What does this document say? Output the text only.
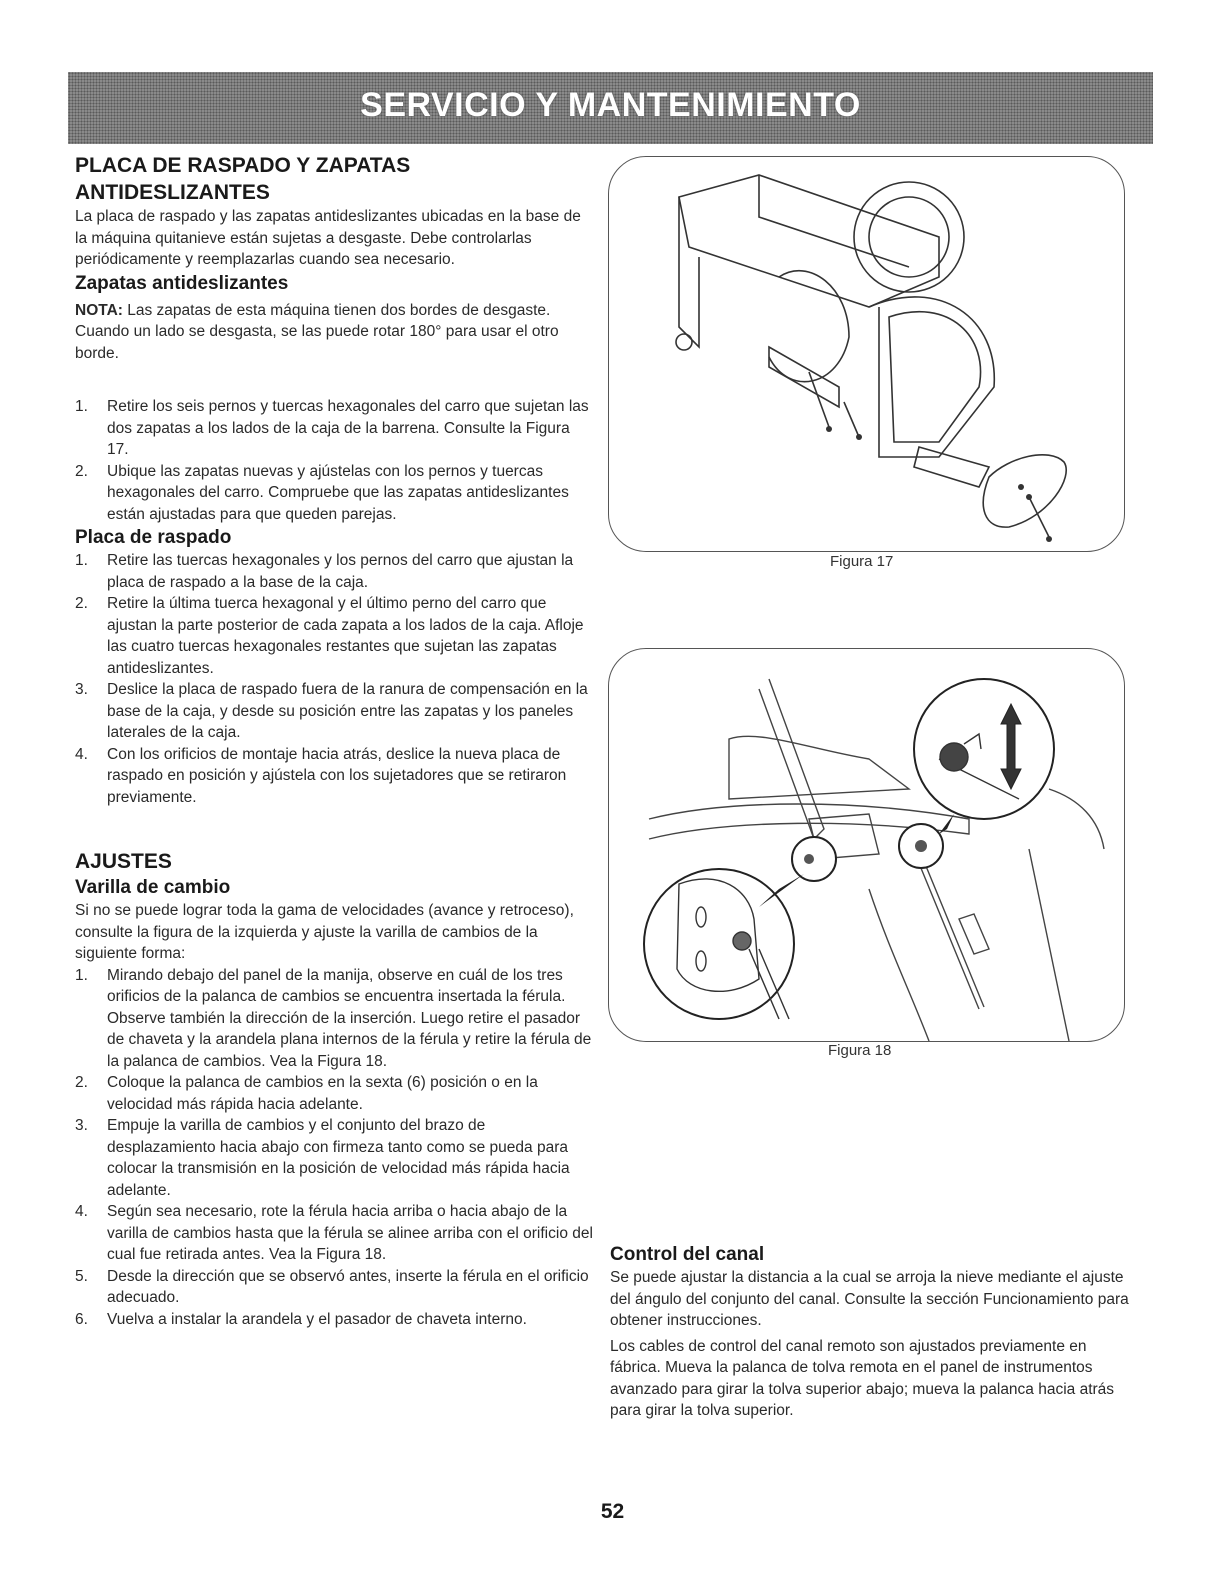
SERVICIO Y MANTENIMIENTO
PLACA DE RASPADO Y ZAPATAS
ANTIDESLIZANTES

La placa de raspado y las zapatas antideslizantes ubicadas en la base de la máquina quitanieve están sujetas a desgaste. Debe controlarlas periódicamente y reemplazarlas cuando sea necesario.

Zapatas antideslizantes

NOTA: Las zapatas de esta máquina tienen dos bordes de desgaste. Cuando un lado se desgasta, se las puede rotar 180° para usar el otro borde.

1. Retire los seis pernos y tuercas hexagonales del carro que sujetan las dos zapatas a los lados de la caja de la barrena. Consulte la Figura 17.
2. Ubique las zapatas nuevas y ajústelas con los pernos y tuercas hexagonales del carro. Compruebe que las zapatas antideslizantes están ajustadas para que queden parejas.
Placa de raspado
1. Retire las tuercas hexagonales y los pernos del carro que ajustan la placa de raspado a la base de la caja.
2. Retire la última tuerca hexagonal y el último perno del carro que ajustan la parte posterior de cada zapata a los lados de la caja. Afloje las cuatro tuercas hexagonales restantes que sujetan las zapatas antideslizantes.
3. Deslice la placa de raspado fuera de la ranura de compensación en la base de la caja, y desde su posición entre las zapatas y los paneles laterales de la caja.
4. Con los orificios de montaje hacia atrás, deslice la nueva placa de raspado en posición y ajústela con los sujetadores que se retiraron previamente.
AJUSTES
Varilla de cambio

Si no se puede lograr toda la gama de velocidades (avance y retroceso), consulte la figura de la izquierda y ajuste la varilla de cambios de la siguiente forma:

1. Mirando debajo del panel de la manija, observe en cuál de los tres orificios de la palanca de cambios se encuentra insertada la férula. Observe también la dirección de la inserción. Luego retire el pasador de chaveta y la arandela plana internos de la férula y retire la férula de la palanca de cambios. Vea la Figura 18.
2. Coloque la palanca de cambios en la sexta (6) posición o en la velocidad más rápida hacia adelante.
3. Empuje la varilla de cambios y el conjunto del brazo de desplazamiento hacia abajo con firmeza tanto como se pueda para colocar la transmisión en la posición de velocidad más rápida hacia adelante.
4. Según sea necesario, rote la férula hacia arriba o hacia abajo de la varilla de cambios hasta que la férula se alinee arriba con el orificio del cual fue retirada antes. Vea la Figura 18.
5. Desde la dirección que se observó antes, inserte la férula en el orificio adecuado.
6. Vuelva a instalar la arandela y el pasador de chaveta interno.
Figura 17
Figura 18
Control del canal

Se puede ajustar la distancia a la cual se arroja la nieve mediante el ajuste del ángulo del conjunto del canal. Consulte la sección Funcionamiento para obtener instrucciones.

Los cables de control del canal remoto son ajustados previamente en fábrica. Mueva la palanca de tolva remota en el panel de instrumentos avanzado para girar la tolva superior abajo; mueva la palanca hacia atrás para girar la tolva superior.

52
